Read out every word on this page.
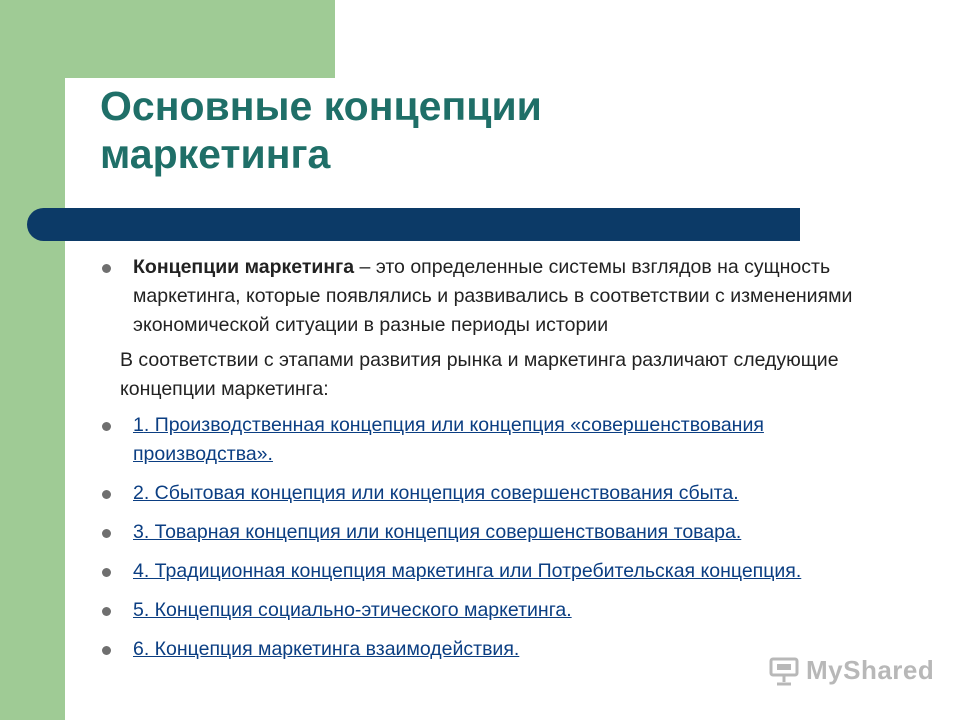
Основные концепции
маркетинга
Концепции маркетинга – это определенные системы взглядов на сущность маркетинга, которые появлялись и развивались в соответствии с изменениями экономической ситуации в разные периоды истории
В соответствии с этапами развития рынка и маркетинга различают следующие концепции маркетинга:
1. Производственная концепция или концепция «совершенствования производства».
2. Сбытовая концепция или концепция совершенствования сбыта.
3. Товарная концепция или концепция совершенствования товара.
4. Традиционная концепция маркетинга или Потребительская концепция.
5. Концепция социально-этического маркетинга.
6. Концепция маркетинга взаимодействия.
MyShared
